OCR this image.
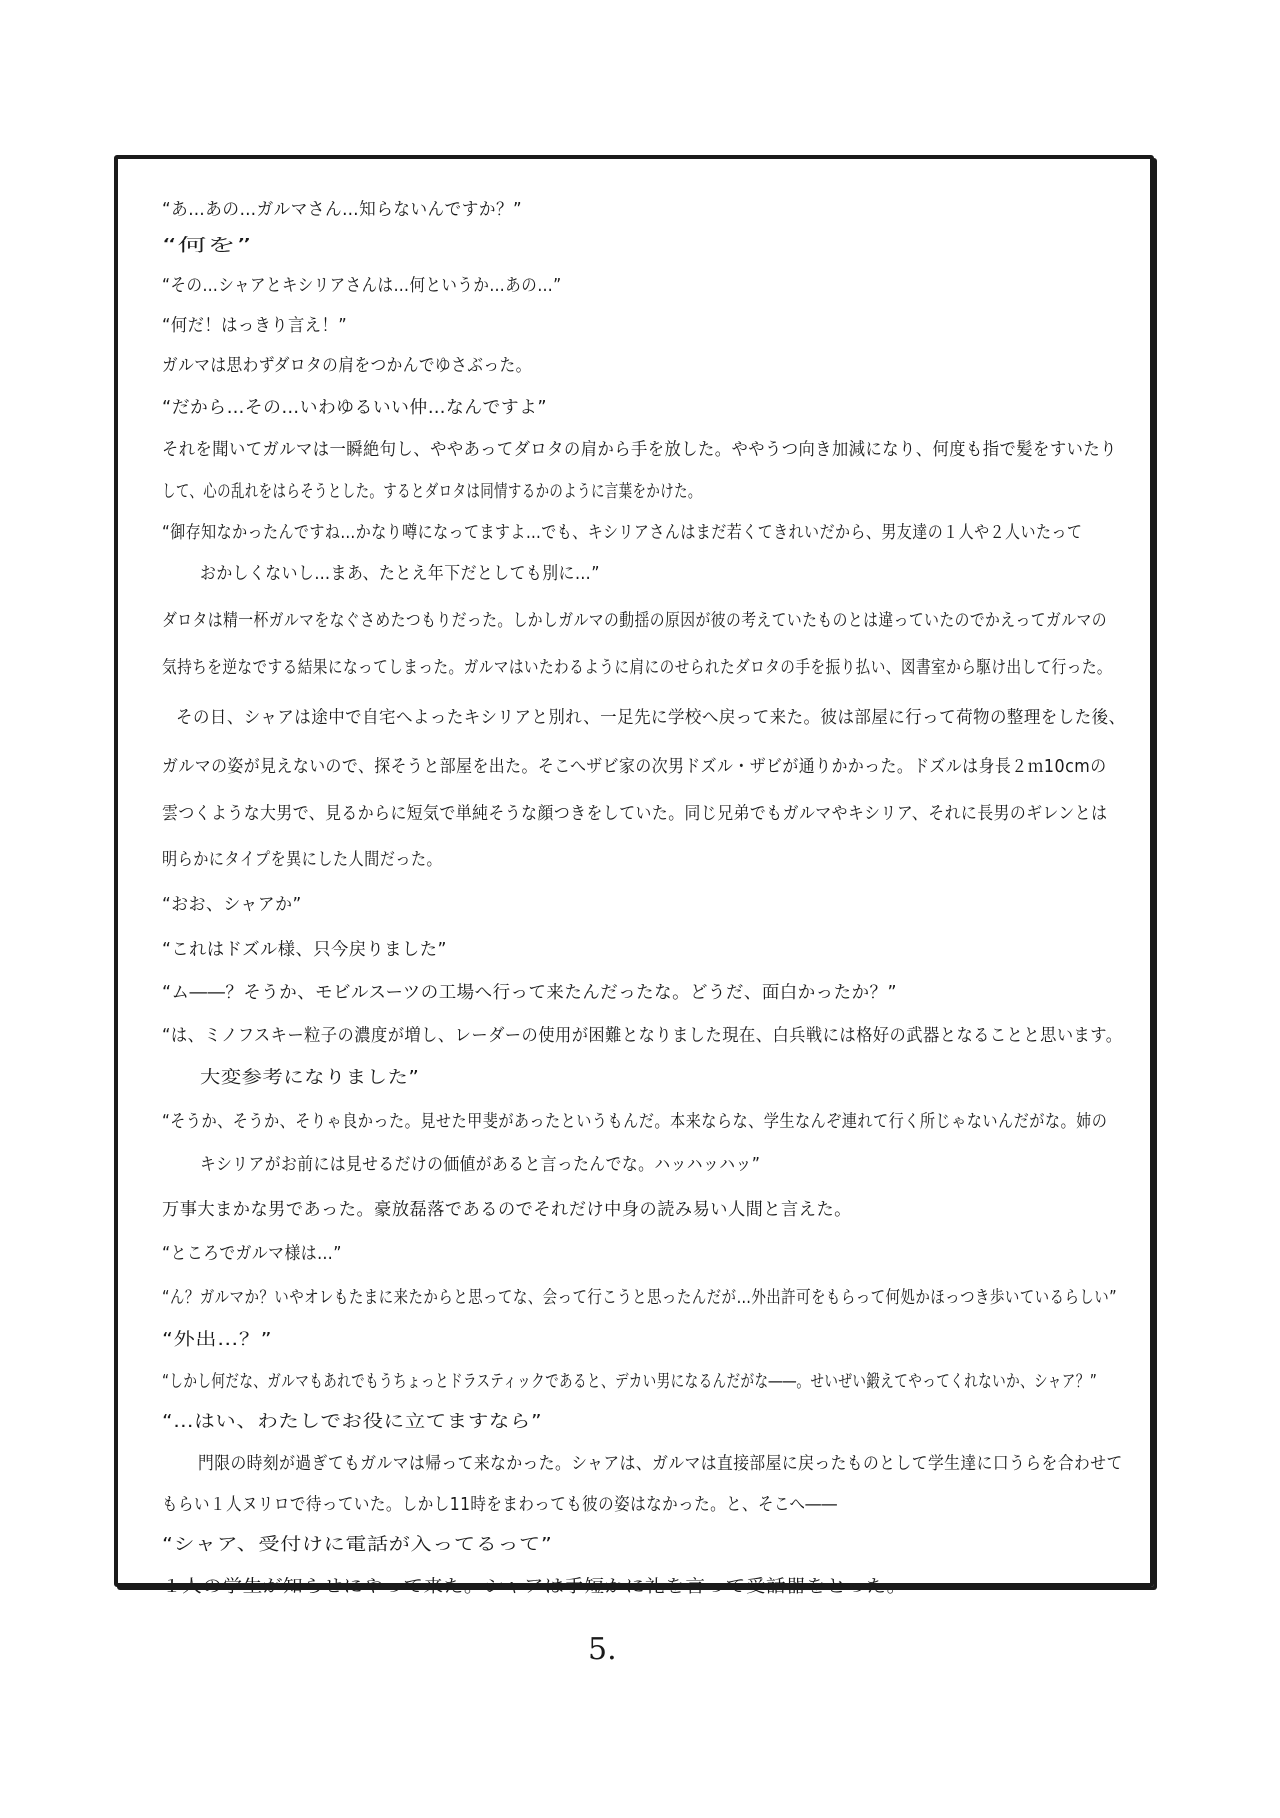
“あ…あの…ガルマさん…知らないんですか？”
“何を”
“その…シャアとキシリアさんは…何というか…あの…”
“何だ！はっきり言え！”
ガルマは思わずダロタの肩をつかんでゆさぶった。
“だから…その…いわゆるいい仲…なんですよ”
それを聞いてガルマは一瞬絶句し、ややあってダロタの肩から手を放した。ややうつ向き加減になり、何度も指で髪をすいたり
して、心の乱れをはらそうとした。するとダロタは同情するかのように言葉をかけた。
“御存知なかったんですね…かなり噂になってますよ…でも、キシリアさんはまだ若くてきれいだから、男友達の１人や２人いたって
おかしくないし…まあ、たとえ年下だとしても別に…”
ダロタは精一杯ガルマをなぐさめたつもりだった。しかしガルマの動揺の原因が彼の考えていたものとは違っていたのでかえってガルマの
気持ちを逆なでする結果になってしまった。ガルマはいたわるように肩にのせられたダロタの手を振り払い、図書室から駆け出して行った。
その日、シャアは途中で自宅へよったキシリアと別れ、一足先に学校へ戻って来た。彼は部屋に行って荷物の整理をした後、
ガルマの姿が見えないので、探そうと部屋を出た。そこへザビ家の次男ドズル・ザビが通りかかった。ドズルは身長２ｍ10cmの
雲つくような大男で、見るからに短気で単純そうな顔つきをしていた。同じ兄弟でもガルマやキシリア、それに長男のギレンとは
明らかにタイプを異にした人間だった。
“おお、シャアか”
“これはドズル様、只今戻りました”
“ム――？そうか、モビルスーツの工場へ行って来たんだったな。どうだ、面白かったか？”
“は、ミノフスキー粒子の濃度が増し、レーダーの使用が困難となりました現在、白兵戦には格好の武器となることと思います。
大変参考になりました”
“そうか、そうか、そりゃ良かった。見せた甲斐があったというもんだ。本来ならな、学生なんぞ連れて行く所じゃないんだがな。姉の
キシリアがお前には見せるだけの価値があると言ったんでな。ハッハッハッ”
万事大まかな男であった。豪放磊落であるのでそれだけ中身の読み易い人間と言えた。
“ところでガルマ様は…”
“ん？ガルマか？いやオレもたまに来たからと思ってな、会って行こうと思ったんだが…外出許可をもらって何処かほっつき歩いているらしい”
“外出…？”
“しかし何だな、ガルマもあれでもうちょっとドラスティックであると、デカい男になるんだがな――。せいぜい鍛えてやってくれないか、シャア？”
“…はい、わたしでお役に立てますなら”
門限の時刻が過ぎてもガルマは帰って来なかった。シャアは、ガルマは直接部屋に戻ったものとして学生達に口うらを合わせて
もらい１人ヌリロで待っていた。しかし11時をまわっても彼の姿はなかった。と、そこへ――
“シャア、受付けに電話が入ってるって”
１人の学生が知らせにやって来た。シャアは手短かに礼を言って受話器をとった。
5.
